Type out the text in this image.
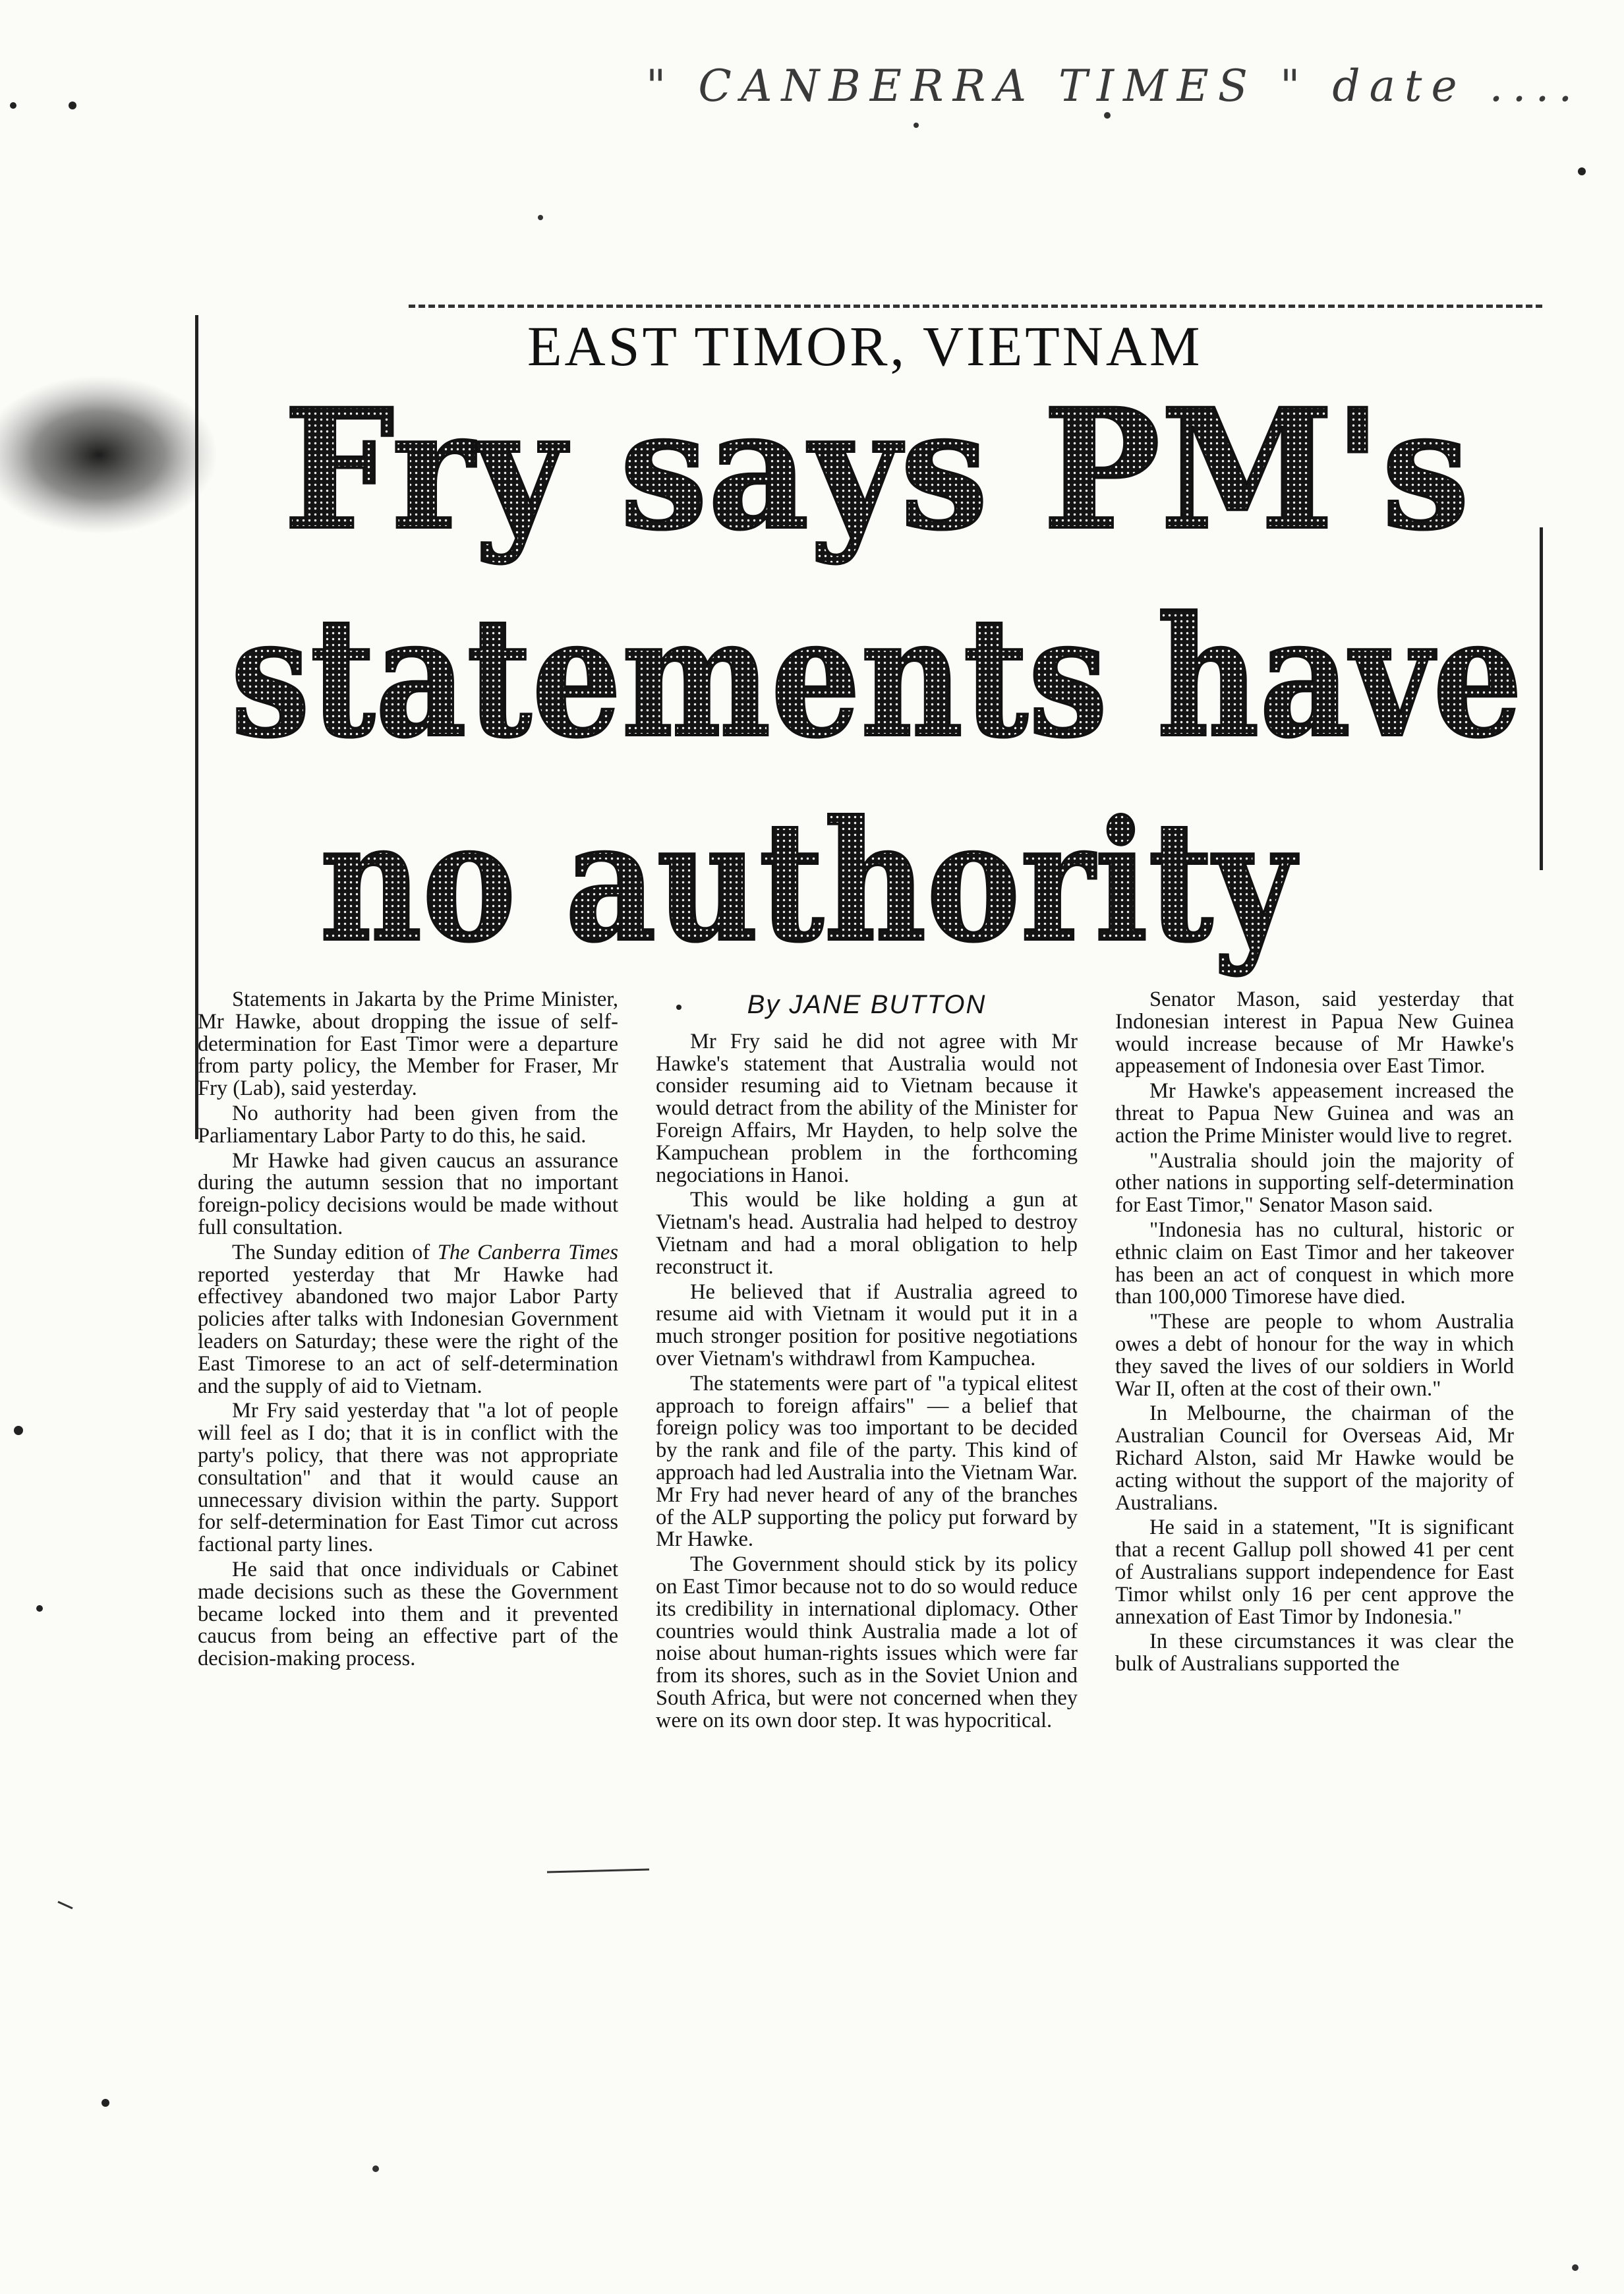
" CANBERRA TIMES " date ....
EAST TIMOR, VIETNAM
Fry says PM's
statements have
no authority

Statements in Jakarta by the Prime Minister, Mr Hawke, about dropping the issue of self-determination for East Timor were a departure from party policy, the Member for Fraser, Mr Fry (Lab), said yesterday.

No authority had been given from the Parliamentary Labor Party to do this, he said.

Mr Hawke had given caucus an assurance during the autumn session that no important foreign-policy decisions would be made without full consultation.

The Sunday edition of The Canberra Times reported yesterday that Mr Hawke had effectivey abandoned two major Labor Party policies after talks with Indonesian Government leaders on Saturday; these were the right of the East Timorese to an act of self-determination and the supply of aid to Vietnam.

Mr Fry said yesterday that "a lot of people will feel as I do; that it is in conflict with the party's policy, that there was not appropriate consultation" and that it would cause an unnecessary division within the party. Support for self-determination for East Timor cut across factional party lines.

He said that once individuals or Cabinet made decisions such as these the Government became locked into them and it prevented caucus from being an effective part of the decision-making process.

By JANE BUTTON

Mr Fry said he did not agree with Mr Hawke's statement that Australia would not consider resuming aid to Vietnam because it would detract from the ability of the Minister for Foreign Affairs, Mr Hayden, to help solve the Kampuchean problem in the forthcoming negociations in Hanoi.

This would be like holding a gun at Vietnam's head. Australia had helped to destroy Vietnam and had a moral obligation to help reconstruct it.

He believed that if Australia agreed to resume aid with Vietnam it would put it in a much stronger position for positive negotiations over Vietnam's withdrawl from Kampuchea.

The statements were part of "a typical elitest approach to foreign affairs" — a belief that foreign policy was too important to be decided by the rank and file of the party. This kind of approach had led Australia into the Vietnam War. Mr Fry had never heard of any of the branches of the ALP supporting the policy put forward by Mr Hawke.

The Government should stick by its policy on East Timor because not to do so would reduce its credibility in international diplomacy. Other countries would think Australia made a lot of noise about human-rights issues which were far from its shores, such as in the Soviet Union and South Africa, but were not concerned when they were on its own door step. It was hypocritical.

Senator Mason, said yesterday that Indonesian interest in Papua New Guinea would increase because of Mr Hawke's appeasement of Indonesia over East Timor.

Mr Hawke's appeasement increased the threat to Papua New Guinea and was an action the Prime Minister would live to regret.

"Australia should join the majority of other nations in supporting self-determination for East Timor," Senator Mason said.

"Indonesia has no cultural, historic or ethnic claim on East Timor and her takeover has been an act of conquest in which more than 100,000 Timorese have died.

"These are people to whom Australia owes a debt of honour for the way in which they saved the lives of our soldiers in World War II, often at the cost of their own."

In Melbourne, the chairman of the Australian Council for Overseas Aid, Mr Richard Alston, said Mr Hawke would be acting without the support of the majority of Australians.

He said in a statement, "It is significant that a recent Gallup poll showed 41 per cent of Australians support independence for East Timor whilst only 16 per cent approve the annexation of East Timor by Indonesia."

In these circumstances it was clear the bulk of Australians supported the
